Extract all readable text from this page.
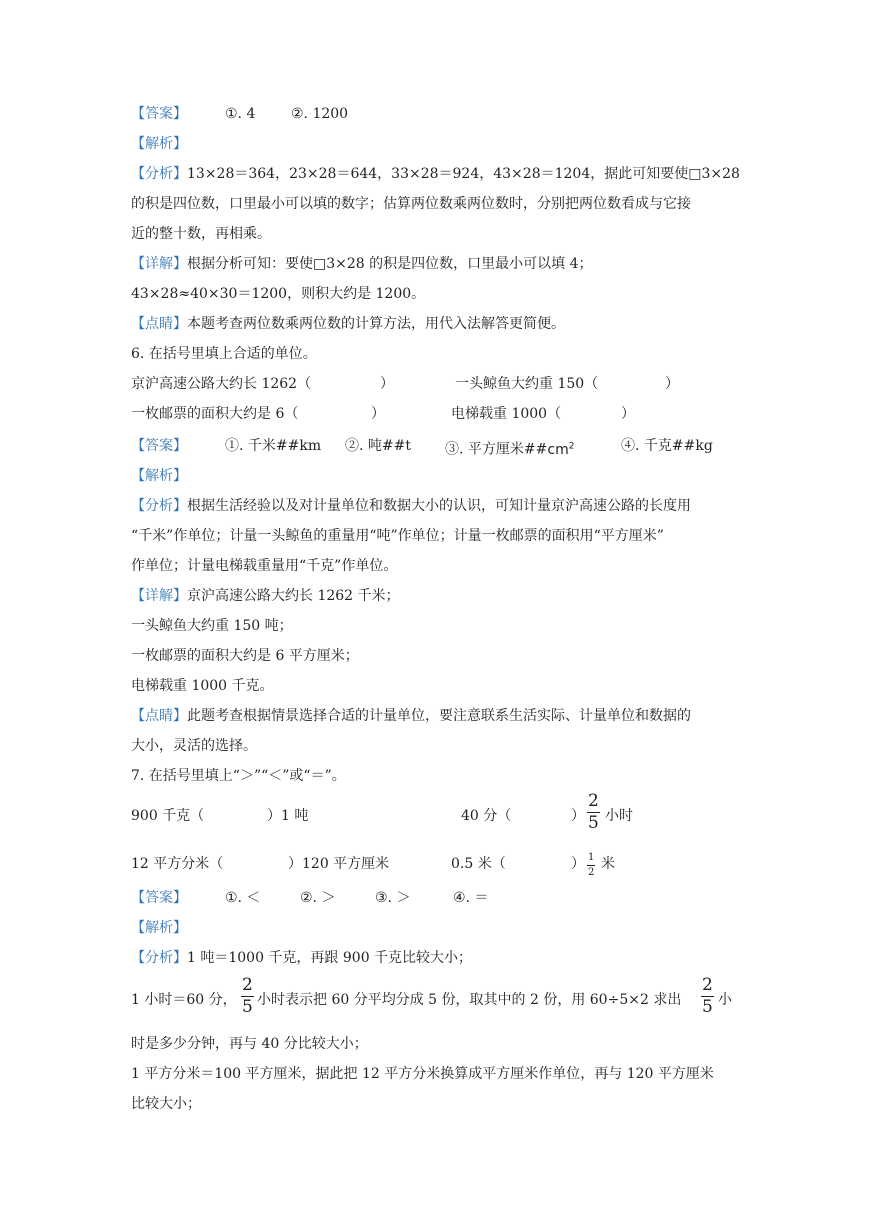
【答案】	①. 4	②. 1200
【解析】
【分析】13×28＝364，23×28＝644，33×28＝924，43×28＝1204，据此可知要使□3×28
的积是四位数，口里最小可以填的数字；估算两位数乘两位数时，分别把两位数看成与它接
近的整十数，再相乘。
【详解】根据分析可知：要使□3×28 的积是四位数，口里最小可以填 4；
43×28≈40×30＝1200，则积大约是 1200。
【点睛】本题考查两位数乘两位数的计算方法，用代入法解答更简便。
6. 在括号里填上合适的单位。
京沪高速公路大约长 1262（	）	一头鲸鱼大约重 150（	）
一枚邮票的面积大约是 6（	）	电梯载重 1000（	）
【答案】	①. 千米##km ②. 吨##t ③. 平方厘米$\#\#cm^2$	④. 千克##kg
【解析】
【分析】根据生活经验以及对计量单位和数据大小的认识，可知计量京沪高速公路的长度用
“千米”作单位；计量一头鲸鱼的重量用“吨”作单位；计量一枚邮票的面积用“平方厘米”
作单位；计量电梯载重量用“千克”作单位。
【详解】京沪高速公路大约长 1262 千米；
一头鲸鱼大约重 150 吨；
一枚邮票的面积大约是 6 平方厘米；
电梯载重 1000 千克。
【点睛】此题考查根据情景选择合适的计量单位，要注意联系生活实际、计量单位和数据的
大小，灵活的选择。
7. 在括号里填上“＞”“＜”或“＝”。
900 千克（	）1 吨	40 分（	） $\frac{2}{5}$ 小时
12 平方分米（	）120 平方厘米	0.5 米（	） $\frac{1}{2}$ 米
【答案】	①. ＜	②. ＞	③. ＞	④. ＝
【解析】
【分析】1 吨＝1000 千克，再跟 900 千克比较大小；
1 小时＝60 分， $\frac{2}{5}$ 小时表示把 60 分平均分成 5 份，取其中的 2 份，用 60÷5×2 求出 $\frac{2}{5}$ 小
时是多少分钟，再与 40 分比较大小；
1 平方分米＝100 平方厘米，据此把 12 平方分米换算成平方厘米作单位，再与 120 平方厘米
比较大小；
